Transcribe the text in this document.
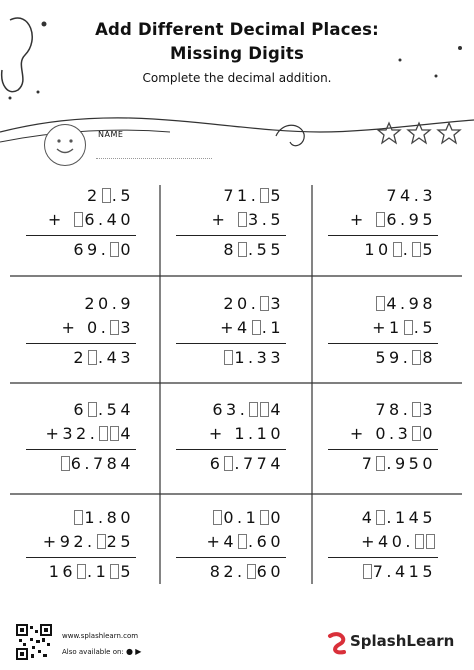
Add Different Decimal Places:
Missing Digits
Complete the decimal addition.
NAME
2 .5
+ 6.40
69. 0
71. 5
+ 3.5
8 .55
74.3
+ 6.95
10 . 5
20.9
+ 0. 3
2 .43
20. 3
+4 .1
1.33
4.98
+1 .5
59. 8
6 .54
+32. 4
6.784
63. 4
+ 1.10
6 .774
78. 3
+ 0.3 0
7 .950
1.80
+92. 25
16 .1 5
0.1 0
+4 .60
82. 60
4 .145
+40.
7.415
www.splashlearn.com
Also available on: ● ▶
SplashLearn
